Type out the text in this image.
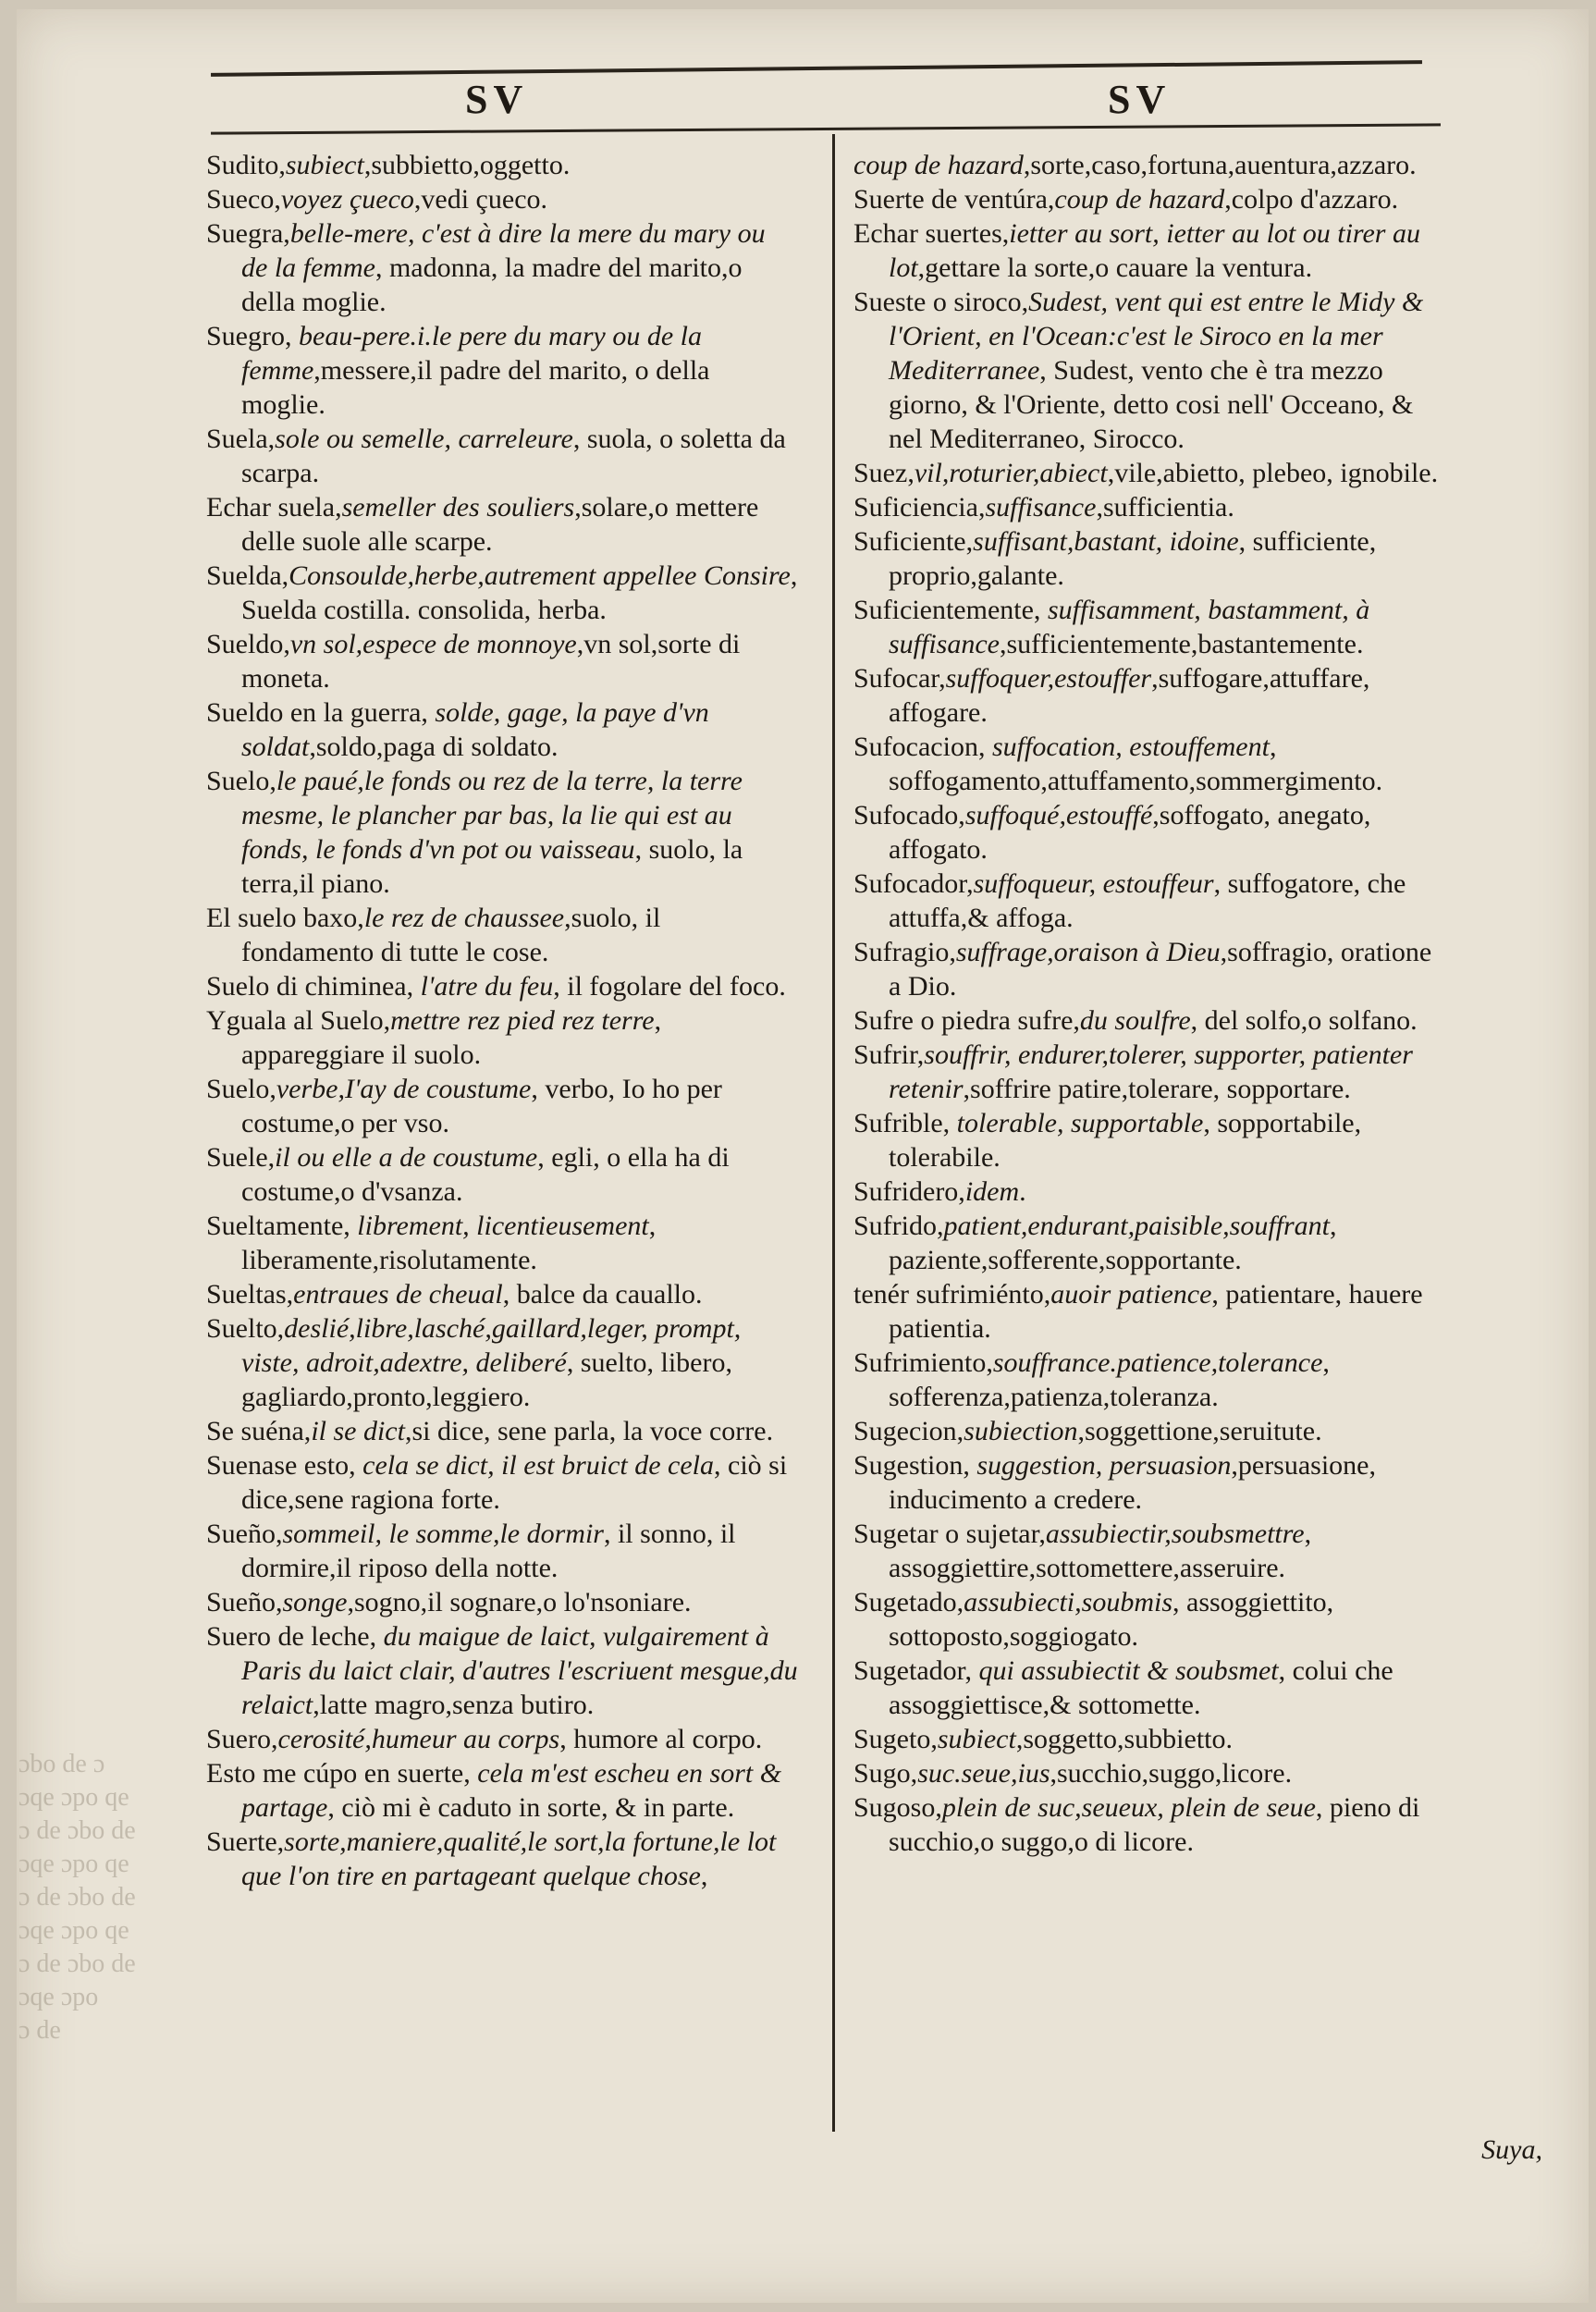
SV	SV

Sudito,subiect,subbietto,oggetto.

Sueco,voyez çueco,vedi çueco.

Suegra,belle-mere, c'est à dire la mere du mary ou de la femme, madonna, la madre del marito,o della moglie.

Suegro, beau-pere.i.le pere du mary ou de la femme,messere,il padre del marito, o della moglie.

Suela,sole ou semelle, carreleure, suola, o soletta da scarpa.

Echar suela,semeller des souliers,solare,o mettere delle suole alle scarpe.

Suelda,Consoulde,herbe,autrement appellee Consire, Suelda costilla. consolida, herba.

Sueldo,vn sol,espece de monnoye,vn sol,sorte di moneta.

Sueldo en la guerra, solde, gage, la paye d'vn soldat,soldo,paga di soldato.

Suelo,le paué,le fonds ou rez de la terre, la terre mesme, le plancher par bas, la lie qui est au fonds, le fonds d'vn pot ou vaisseau, suolo, la terra,il piano.

El suelo baxo,le rez de chaussee,suolo, il fondamento di tutte le cose.

Suelo di chiminea, l'atre du feu, il fogolare del foco.

Yguala al Suelo,mettre rez pied rez terre, appareggiare il suolo.

Suelo,verbe,I'ay de coustume, verbo, Io ho per costume,o per vso.

Suele,il ou elle a de coustume, egli, o ella ha di costume,o d'vsanza.

Sueltamente, librement, licentieusement, liberamente,risolutamente.

Sueltas,entraues de cheual, balce da cauallo.

Suelto,deslié,libre,lasché,gaillard,leger, prompt, viste, adroit,adextre, deliberé, suelto, libero, gagliardo,pronto,leggiero.

Se suéna,il se dict,si dice, sene parla, la voce corre.

Suenase esto, cela se dict, il est bruict de cela, ciò si dice,sene ragiona forte.

Sueño,sommeil, le somme,le dormir, il sonno, il dormire,il riposo della notte.

Sueño,songe,sogno,il sognare,o lo'nsoniare.

Suero de leche, du maigue de laict, vulgairement à Paris du laict clair, d'autres l'escriuent mesgue,du relaict,latte magro,senza butiro.

Suero,cerosité,humeur au corps, humore al corpo.

Esto me cúpo en suerte, cela m'est escheu en sort & partage, ciò mi è caduto in sorte, & in parte.

Suerte,sorte,maniere,qualité,le sort,la fortune,le lot que l'on tire en partageant quelque chose,

coup de hazard,sorte,caso,fortuna,auentura,azzaro.

Suerte de ventúra,coup de hazard,colpo d'azzaro.

Echar suertes,ietter au sort, ietter au lot ou tirer au lot,gettare la sorte,o cauare la ventura.

Sueste o siroco,Sudest, vent qui est entre le Midy & l'Orient, en l'Ocean:c'est le Siroco en la mer Mediterranee, Sudest, vento che è tra mezzo giorno, & l'Oriente, detto cosi nell' Occeano, & nel Mediterraneo, Sirocco.

Suez,vil,roturier,abiect,vile,abietto, plebeo, ignobile.

Suficiencia,suffisance,sufficientia.

Suficiente,suffisant,bastant, idoine, sufficiente, proprio,galante.

Suficientemente, suffisamment, bastamment, à suffisance,sufficientemente,bastantemente.

Sufocar,suffoquer,estouffer,suffogare,attuffare, affogare.

Sufocacion, suffocation, estouffement, soffogamento,attuffamento,sommergimento.

Sufocado,suffoqué,estouffé,soffogato, anegato, affogato.

Sufocador,suffoqueur, estouffeur, suffogatore, che attuffa,& affoga.

Sufragio,suffrage,oraison à Dieu,soffragio, oratione a Dio.

Sufre o piedra sufre,du soulfre, del solfo,o solfano.

Sufrir,souffrir, endurer,tolerer, supporter, patienter retenir,soffrire patire,tolerare, sopportare.

Sufrible, tolerable, supportable, sopportabile, tolerabile.

Sufridero,idem.

Sufrido,patient,endurant,paisible,souffrant, paziente,sofferente,sopportante.

tenér sufrimiénto,auoir patience, patientare, hauere patientia.

Sufrimiento,souffrance.patience,tolerance, sofferenza,patienza,toleranza.

Sugecion,subiection,soggettione,seruitute.

Sugestion, suggestion, persuasion,persuasione, inducimento a credere.

Sugetar o sujetar,assubiectir,soubsmettre, assoggiettire,sottomettere,asseruire.

Sugetado,assubiecti,soubmis, assoggiettito, sottoposto,soggiogato.

Sugetador, qui assubiectit & soubsmet, colui che assoggiettisce,& sottomette.

Sugeto,subiect,soggetto,subbietto.

Sugo,suc.seue,ius,succhio,suggo,licore.

Sugoso,plein de suc,seueux, plein de seue, pieno di succhio,o suggo,o di licore.

Suya,
ɔbo de ɔ
ɔqe ɔpo qe
ɔ de ɔbo de
ɔqe ɔpo qe
ɔ de ɔbo de
ɔqe ɔpo qe
ɔ de ɔbo de
ɔqe ɔpo
ɔ de
